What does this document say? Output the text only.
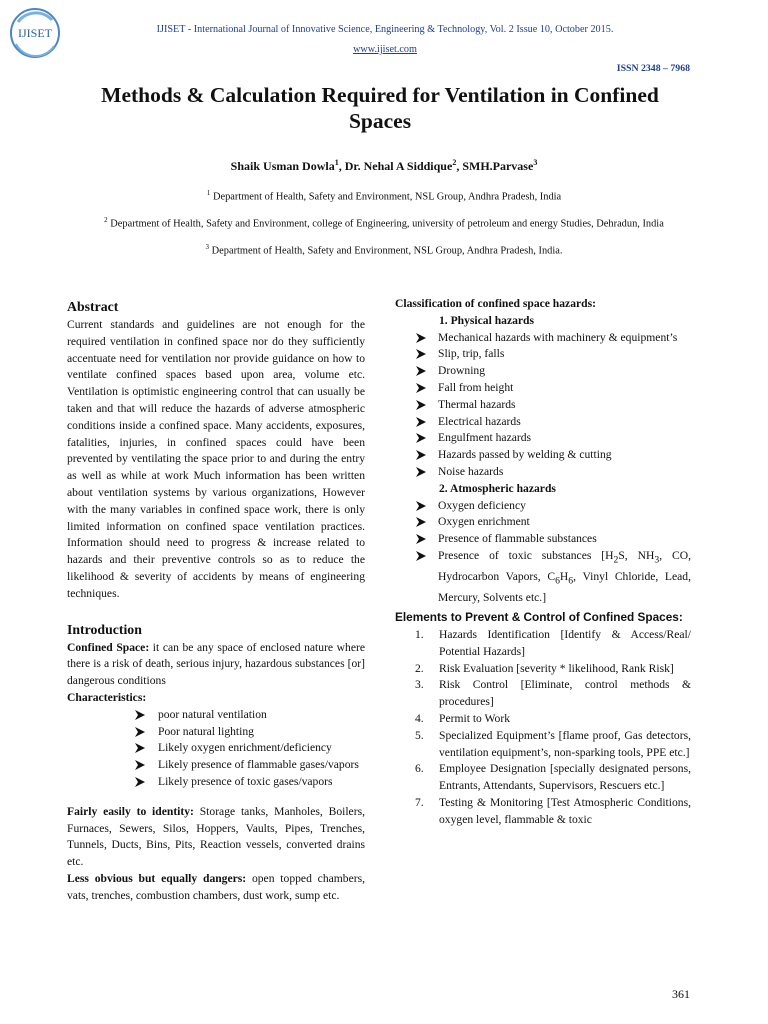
IJISET	IJISET - International Journal of Innovative Science, Engineering & Technology, Vol. 2 Issue 10, October 2015.
www.ijiset.com
ISSN 2348 – 7968
Methods & Calculation Required for Ventilation in Confined Spaces
Shaik Usman Dowla$^1$, Dr. Nehal A Siddique$^2$, SMH.Parvase$^3$
$^1$ Department of Health, Safety and Environment, NSL Group, Andhra Pradesh, India
$^2$ Department of Health, Safety and Environment, college of Engineering, university of petroleum and energy Studies, Dehradun, India
$^3$ Department of Health, Safety and Environment, NSL Group, Andhra Pradesh, India.
Abstract

Current standards and guidelines are not enough for the required ventilation in confined space nor do they sufficiently accentuate need for ventilation nor provide guidance on how to ventilate confined spaces based upon area, volume etc. Ventilation is optimistic engineering control that can usually be taken and that will reduce the hazards of adverse atmospheric conditions inside a confined space. Many accidents, exposures, fatalities, injuries, in confined spaces could have been prevented by ventilating the space prior to and during the entry as well as while at work Much information has been written about ventilation systems by various organizations, However with the many variables in confined space work, there is only limited information on confined space ventilation practices. Information should need to progress & increase related to hazards and their preventive controls so as to reduce the likelihood & severity of accidents by means of engineering techniques.

Introduction

Confined Space: it can be any space of enclosed nature where there is a risk of death, serious injury, hazardous substances [or] dangerous conditions

Characteristics:

poor natural ventilation
Poor natural lighting
Likely oxygen enrichment/deficiency
Likely presence of flammable gases/vapors
Likely presence of toxic gases/vapors

Fairly easily to identity: Storage tanks, Manholes, Boilers, Furnaces, Sewers, Silos, Hoppers, Vaults, Pipes, Trenches, Tunnels, Ducts, Bins, Pits, Reaction vessels, converted drains etc.

Less obvious but equally dangers: open topped chambers, vats, trenches, combustion chambers, dust work, sump etc.

Classification of confined space hazards:

1. Physical hazards

Mechanical hazards with machinery & equipment’s
Slip, trip, falls
Drowning
Fall from height
Thermal hazards
Electrical hazards
Engulfment hazards
Hazards passed by welding & cutting
Noise hazards

2. Atmospheric hazards

Oxygen deficiency
Oxygen enrichment
Presence of flammable substances
Presence of toxic substances [$H_2S$, $NH_3$, CO, Hydrocarbon Vapors, $C_6H_6$, Vinyl Chloride, Lead, Mercury, Solvents etc.]

Elements to Prevent & Control of Confined Spaces:

1. Hazards Identification [Identify & Access/Real/ Potential Hazards]
2. Risk Evaluation [severity * likelihood, Rank Risk]
3. Risk Control [Eliminate, control methods & procedures]
4. Permit to Work
5. Specialized Equipment’s [flame proof, Gas detectors, ventilation equipment’s, non-sparking tools, PPE etc.]
6. Employee Designation [specially designated persons, Entrants, Attendants, Supervisors, Rescuers etc.]
7. Testing & Monitoring [Test Atmospheric Conditions, oxygen level, flammable & toxic
361
